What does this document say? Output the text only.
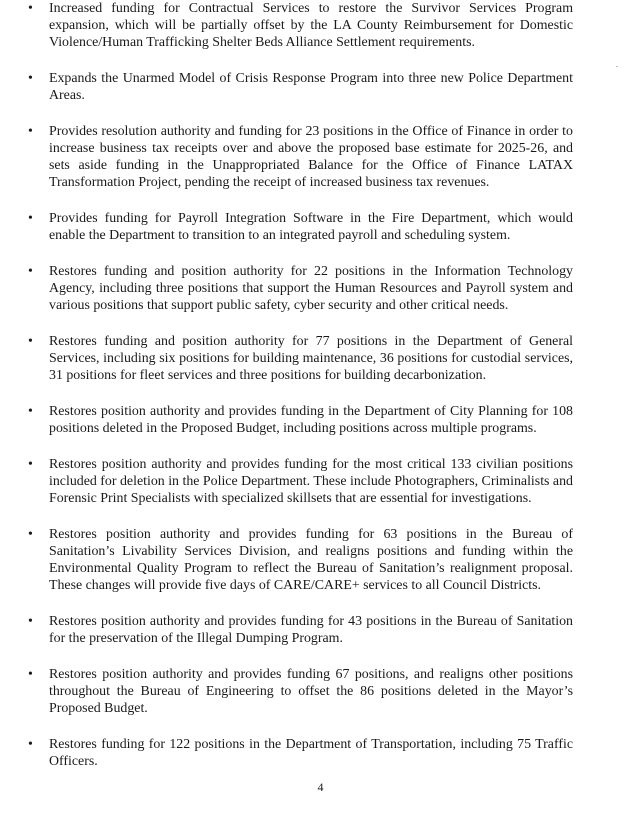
•	Increased funding for Contractual Services to restore the Survivor Services Program expansion, which will be partially offset by the LA County Reimbursement for Domestic Violence/Human Trafficking Shelter Beds Alliance Settlement requirements.
•	Expands the Unarmed Model of Crisis Response Program into three new Police Department Areas.
•	Provides resolution authority and funding for 23 positions in the Office of Finance in order to increase business tax receipts over and above the proposed base estimate for 2025-26, and sets aside funding in the Unappropriated Balance for the Office of Finance LATAX Transformation Project, pending the receipt of increased business tax revenues.
•	Provides funding for Payroll Integration Software in the Fire Department, which would enable the Department to transition to an integrated payroll and scheduling system.
•	Restores funding and position authority for 22 positions in the Information Technology Agency, including three positions that support the Human Resources and Payroll system and various positions that support public safety, cyber security and other critical needs.
•	Restores funding and position authority for 77 positions in the Department of General Services, including six positions for building maintenance, 36 positions for custodial services, 31 positions for fleet services and three positions for building decarbonization.
•	Restores position authority and provides funding in the Department of City Planning for 108 positions deleted in the Proposed Budget, including positions across multiple programs.
•	Restores position authority and provides funding for the most critical 133 civilian positions included for deletion in the Police Department. These include Photographers, Criminalists and Forensic Print Specialists with specialized skillsets that are essential for investigations.
•	Restores position authority and provides funding for 63 positions in the Bureau of Sanitation’s Livability Services Division, and realigns positions and funding within the Environmental Quality Program to reflect the Bureau of Sanitation’s realignment proposal. These changes will provide five days of CARE/CARE+ services to all Council Districts.
•	Restores position authority and provides funding for 43 positions in the Bureau of Sanitation for the preservation of the Illegal Dumping Program.
•	Restores position authority and provides funding 67 positions, and realigns other positions throughout the Bureau of Engineering to offset the 86 positions deleted in the Mayor’s Proposed Budget.
•	Restores funding for 122 positions in the Department of Transportation, including 75 Traffic Officers.
4
